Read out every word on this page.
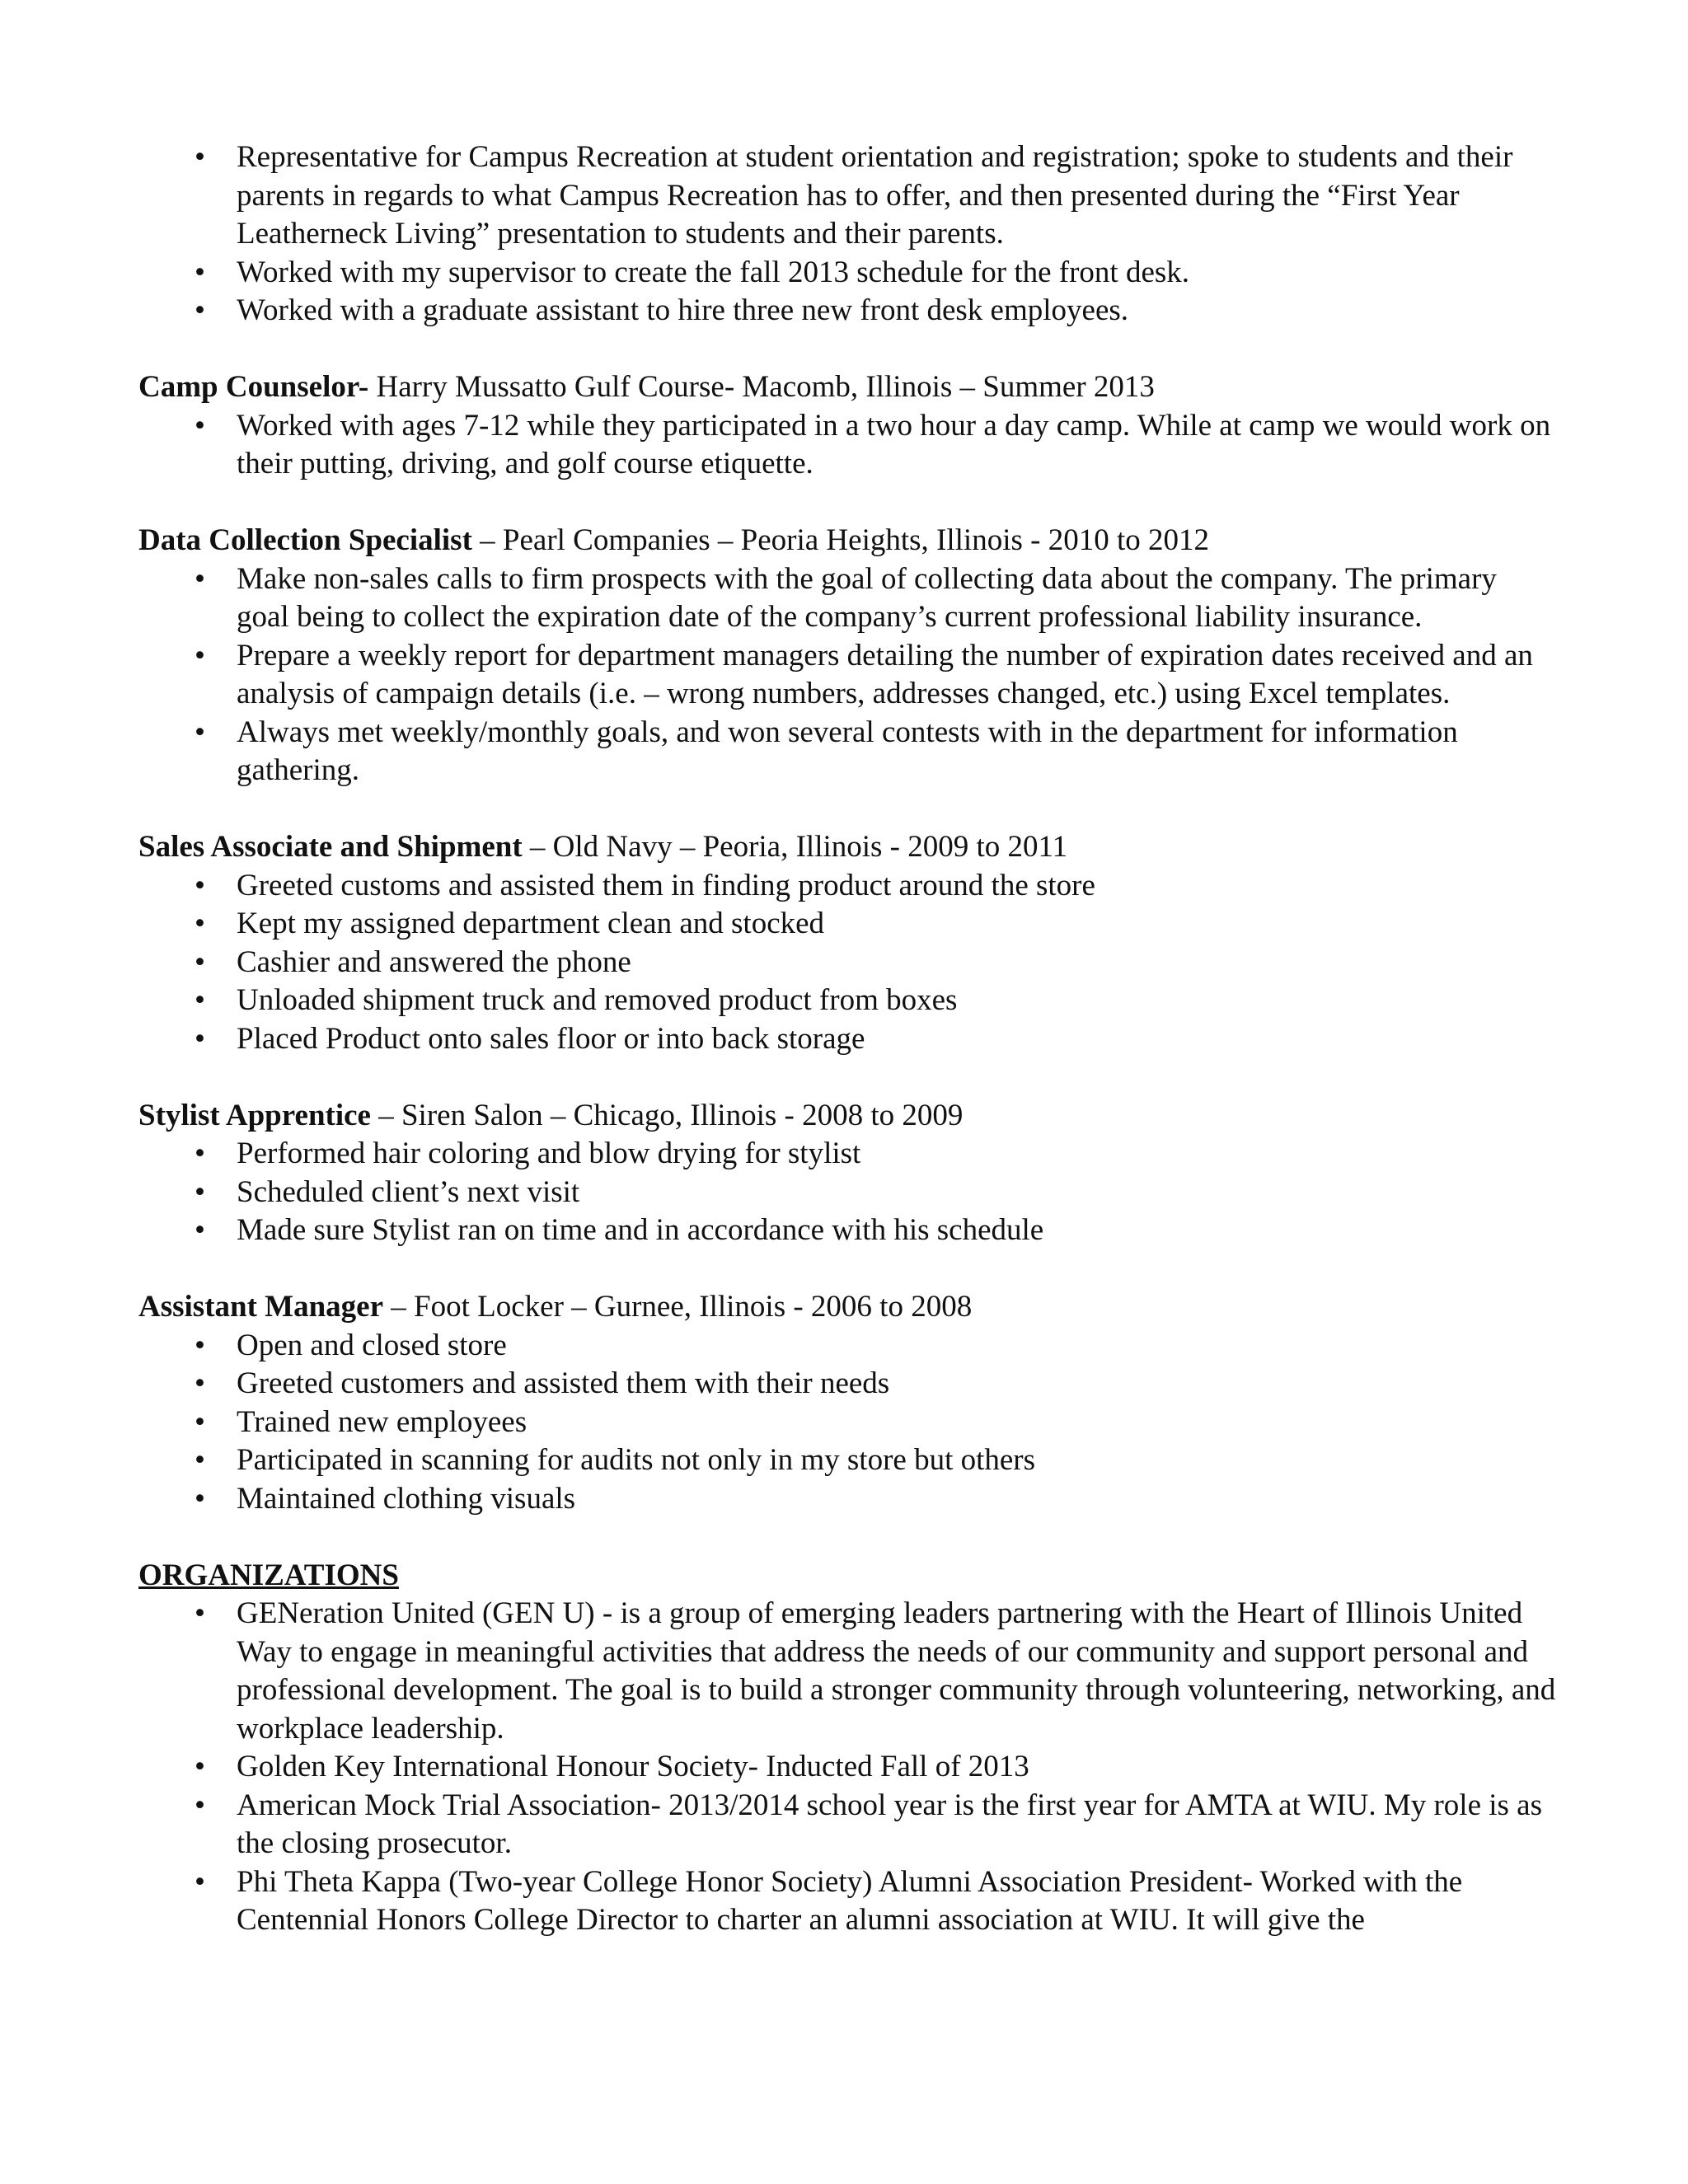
• Representative for Campus Recreation at student orientation and registration; spoke to students and their parents in regards to what Campus Recreation has to offer, and then presented during the “First Year Leatherneck Living” presentation to students and their parents.
• Worked with my supervisor to create the fall 2013 schedule for the front desk.
• Worked with a graduate assistant to hire three new front desk employees.

Camp Counselor- Harry Mussatto Gulf Course- Macomb, Illinois – Summer 2013

• Worked with ages 7-12 while they participated in a two hour a day camp. While at camp we would work on their putting, driving, and golf course etiquette.

Data Collection Specialist – Pearl Companies – Peoria Heights, Illinois - 2010 to 2012

• Make non-sales calls to firm prospects with the goal of collecting data about the company. The primary goal being to collect the expiration date of the company’s current professional liability insurance.
• Prepare a weekly report for department managers detailing the number of expiration dates received and an analysis of campaign details (i.e. – wrong numbers, addresses changed, etc.) using Excel templates.
• Always met weekly/monthly goals, and won several contests with in the department for information gathering.

Sales Associate and Shipment – Old Navy – Peoria, Illinois - 2009 to 2011

• Greeted customs and assisted them in finding product around the store
• Kept my assigned department clean and stocked
• Cashier and answered the phone
• Unloaded shipment truck and removed product from boxes
• Placed Product onto sales floor or into back storage

Stylist Apprentice – Siren Salon – Chicago, Illinois - 2008 to 2009

• Performed hair coloring and blow drying for stylist
• Scheduled client’s next visit
• Made sure Stylist ran on time and in accordance with his schedule

Assistant Manager – Foot Locker – Gurnee, Illinois - 2006 to 2008

• Open and closed store
• Greeted customers and assisted them with their needs
• Trained new employees
• Participated in scanning for audits not only in my store but others
• Maintained clothing visuals

ORGANIZATIONS

• GENeration United (GEN U) - is a group of emerging leaders partnering with the Heart of Illinois United Way to engage in meaningful activities that address the needs of our community and support personal and professional development. The goal is to build a stronger community through volunteering, networking, and workplace leadership.
• Golden Key International Honour Society- Inducted Fall of 2013
• American Mock Trial Association- 2013/2014 school year is the first year for AMTA at WIU. My role is as the closing prosecutor.
• Phi Theta Kappa (Two-year College Honor Society) Alumni Association President- Worked with the Centennial Honors College Director to charter an alumni association at WIU. It will give the
